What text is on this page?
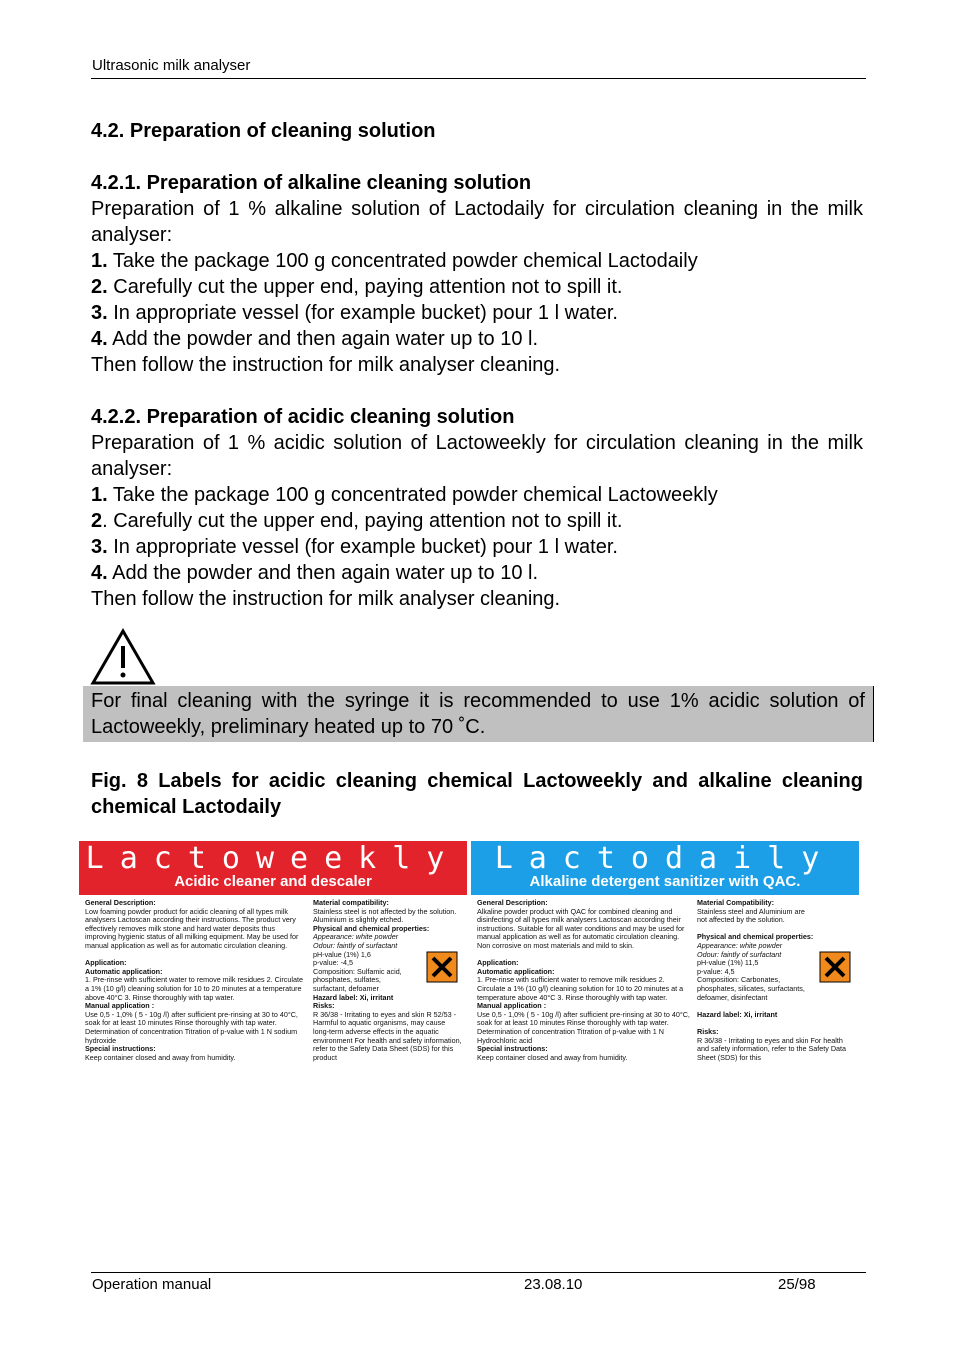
Ultrasonic milk analyser

4.2. Preparation of cleaning solution

4.2.1. Preparation of alkaline cleaning solution

Preparation of 1 % alkaline solution of Lactodaily for circulation cleaning in the milk analyser:

1. Take the package 100 g concentrated powder chemical Lactodaily

2. Carefully cut the upper end, paying attention not to spill it.

3. In appropriate vessel (for example bucket) pour 1 l water.

4. Add the powder and then again water up to 10 l.

Then follow the instruction for milk analyser cleaning.

4.2.2. Preparation of acidic cleaning solution

Preparation of 1 % acidic solution of Lactoweekly for circulation cleaning in the milk analyser:

1. Take the package 100 g concentrated powder chemical Lactoweekly

2. Carefully cut the upper end, paying attention not to spill it.

3. In appropriate vessel (for example bucket) pour 1 l water.

4. Add the powder and then again water up to 10 l.

Then follow the instruction for milk analyser cleaning.

For final cleaning with the syringe it is recommended to use 1% acidic solution of Lactoweekly, preliminary heated up to 70 ˚C.

Fig. 8 Labels for acidic cleaning chemical Lactoweekly and alkaline cleaning chemical Lactodaily
Lactoweekly
Acidic cleaner and descaler
General Description:
Low foaming powder product for acidic cleaning of all types milk analysers Lactoscan according their instructions. The product very effectively removes milk stone and hard water deposits thus improving hygienic status of all milking equipment. May be used for manual application as well as for automatic circulation cleaning.

Application:
Automatic application:
1. Pre-rinse with sufficient water to remove milk residues 2. Circulate a 1% (10 g/l) cleaning solution for 10 to 20 minutes at a temperature above 40°C 3. Rinse thoroughly with tap water.
Manual application :
Use 0,5 - 1,0% ( 5 - 10g /l) after sufficient pre-rinsing at 30 to 40°C, soak for at least 10 minutes Rinse thoroughly with tap water. Determination of concentration Titration of p-value with 1 N sodium hydroxide
Special instructions:
Keep container closed and away from humidity.
Material compatibility:
Stainless steel is not affected by the solution. Aluminium is slightly etched.
Physical and chemical properties:
Appearance: white powder
Odour: faintly of surfactant
pH-value (1%) 1,6
p-value: -4,5

Composition: Sulfamic acid, phosphates, sulfates, surfactant, defoamer
Hazard label: Xi, irritant
Risks:
R 36/38 - Irritating to eyes and skin R 52/53 - Harmful to aquatic organisms, may cause long-term adverse effects in the aquatic environment For health and safety information, refer to the Safety Data Sheet (SDS) for this product
Lactodaily
Alkaline detergent sanitizer with QAC.
General Description:
Alkaline powder product with QAC for combined cleaning and disinfecting of all types milk analysers Lactoscan according their instructions. Suitable for all water conditions and may be used for manual application as well as for automatic circulation cleaning. Non corrosive on most materials and mild to skin.

Application:
Automatic application:
1. Pre-rinse with sufficient water to remove milk residues 2. Circulate a 1% (10 g/l) cleaning solution for 10 to 20 minutes at a temperature above 40°C 3. Rinse thoroughly with tap water.
Manual application :
Use 0,5 - 1,0% ( 5 - 10g /l) after sufficient pre-rinsing at 30 to 40°C, soak for at least 10 minutes Rinse thoroughly with tap water. Determination of concentration Titration of p-value with 1 N Hydrochloric acid
Special instructions:
Keep container closed and away from humidity.
Material Compatibility:

Stainless steel and Aluminium are not affected by the solution.

Physical and chemical properties:
Appearance: white powder
Odour: faintly of surfactant
pH-value (1%) 11,5
p-value: 4,5

Composition: Carbonates, phosphates, silicates, surfactants, defoamer, disinfectant

Hazard label: Xi, irritant

Risks:
R 36/38 - Irritating to eyes and skin For health and safety information, refer to the Safety Data Sheet (SDS) for this
Operation manual	23.08.10	25/98
